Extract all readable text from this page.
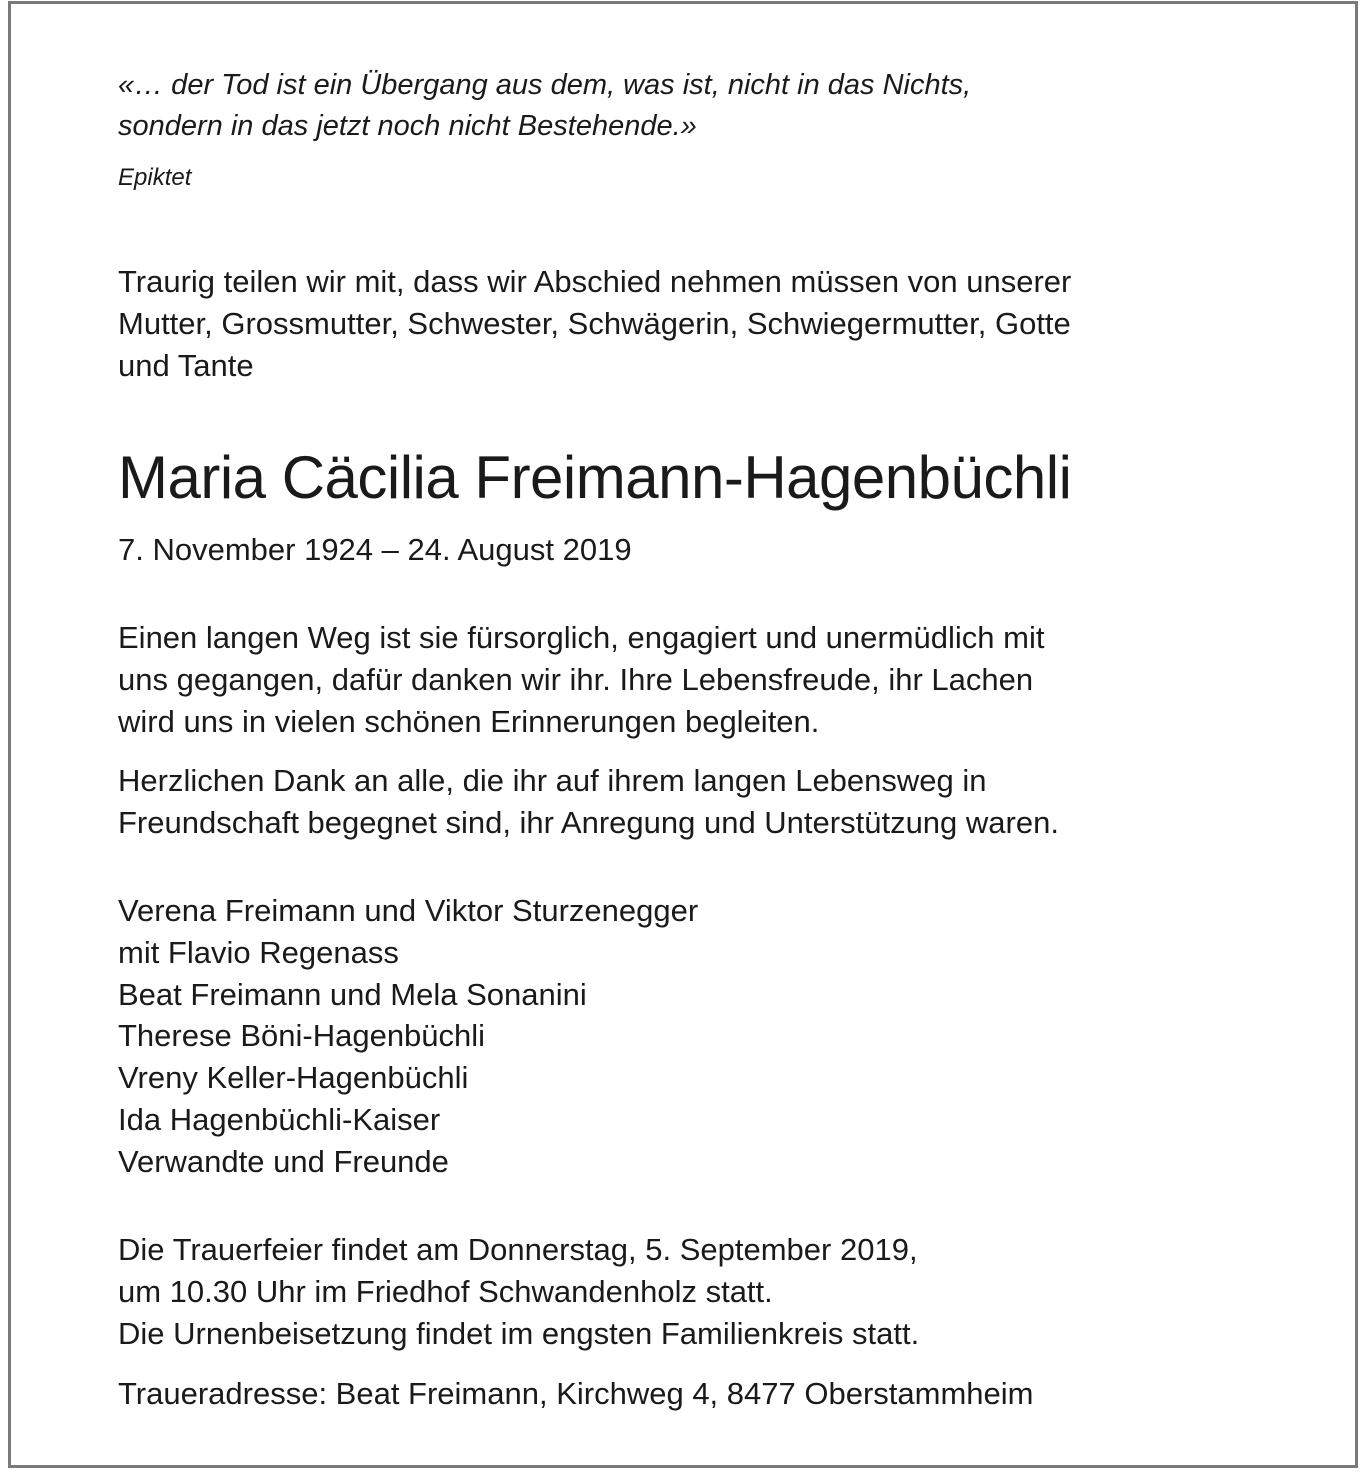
«… der Tod ist ein Übergang aus dem, was ist, nicht in das Nichts,
sondern in das jetzt noch nicht Bestehende.»
Epiktet
Traurig teilen wir mit, dass wir Abschied nehmen müssen von unserer
Mutter, Grossmutter, Schwester, Schwägerin, Schwiegermutter, Gotte
und Tante
Maria Cäcilia Freimann-Hagenbüchli
7. November 1924 – 24. August 2019
Einen langen Weg ist sie fürsorglich, engagiert und unermüdlich mit
uns gegangen, dafür danken wir ihr. Ihre Lebensfreude, ihr Lachen
wird uns in vielen schönen Erinnerungen begleiten.
Herzlichen Dank an alle, die ihr auf ihrem langen Lebensweg in
Freundschaft begegnet sind, ihr Anregung und Unterstützung waren.
Verena Freimann und Viktor Sturzenegger
mit Flavio Regenass
Beat Freimann und Mela Sonanini
Therese Böni-Hagenbüchli
Vreny Keller-Hagenbüchli
Ida Hagenbüchli-Kaiser
Verwandte und Freunde
Die Trauerfeier findet am Donnerstag, 5. September 2019,
um 10.30 Uhr im Friedhof Schwandenholz statt.
Die Urnenbeisetzung findet im engsten Familienkreis statt.
Traueradresse: Beat Freimann, Kirchweg 4, 8477 Oberstammheim
